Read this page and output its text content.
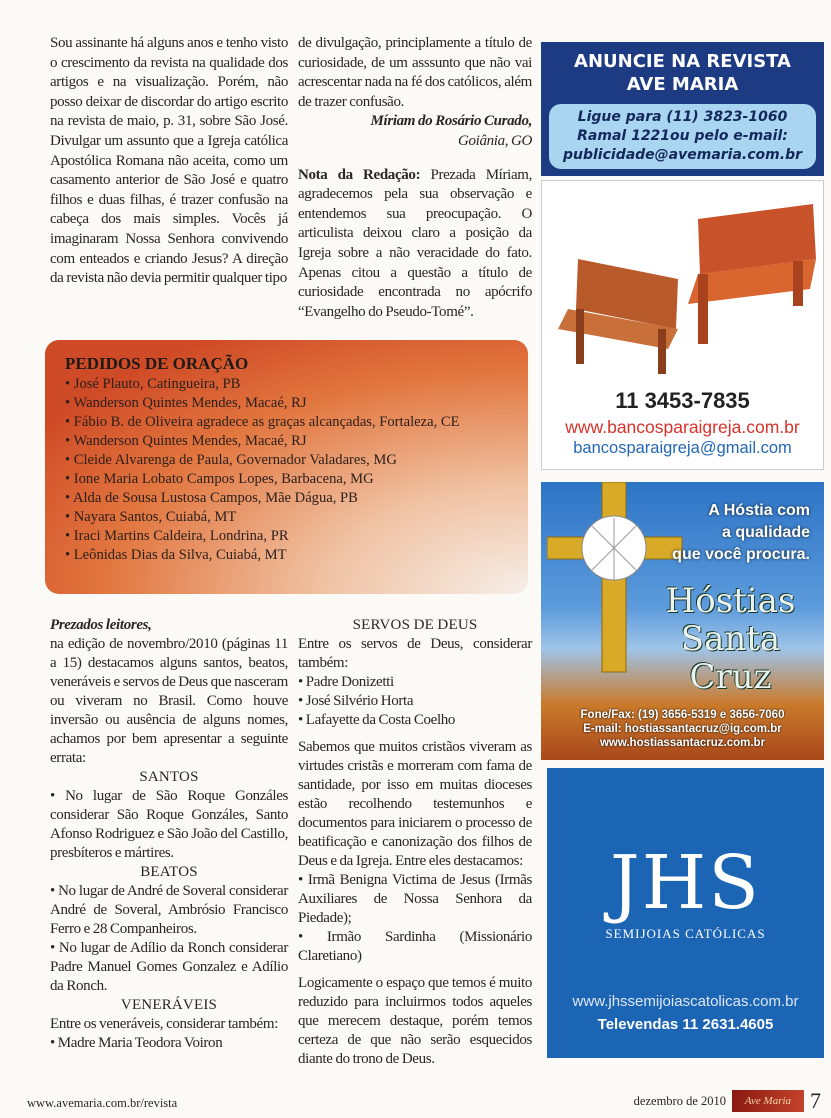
Sou assinante há alguns anos e tenho visto o crescimento da revista na qualidade dos artigos e na visualização. Porém, não posso deixar de discordar do artigo escrito na revista de maio, p. 31, sobre São José. Divulgar um assunto que a Igreja católica Apostólica Romana não aceita, como um casamento anterior de São José e quatro filhos e duas filhas, é trazer confusão na cabeça dos mais simples. Vocês já imaginaram Nossa Senhora convivendo com enteados e criando Jesus? A direção da revista não devia permitir qualquer tipo

de divulgação, principlamente a título de curiosidade, de um asssunto que não vai acrescentar nada na fé dos católicos, além de trazer confusão.

Míriam do Rosário Curado,

Goiânia, GO

Nota da Redação: Prezada Míriam, agradecemos pela sua observação e entendemos sua preocupação. O articulista deixou claro a posição da Igreja sobre a não veracidade do fato. Apenas citou a questão a título de curiosidade encontrada no apócrifo “Evangelho do Pseudo-Tomé”.

PEDIDOS DE ORAÇÃO
• José Plauto, Catingueira, PB
• Wanderson Quintes Mendes, Macaé, RJ
• Fábio B. de Oliveira agradece as graças alcançadas, Fortaleza, CE
• Wanderson Quintes Mendes, Macaé, RJ
• Cleide Alvarenga de Paula, Governador Valadares, MG
• Ione Maria Lobato Campos Lopes, Barbacena, MG
• Alda de Sousa Lustosa Campos, Mãe Dágua, PB
• Nayara Santos, Cuiabá, MT
• Iraci Martins Caldeira, Londrina, PR
• Leônidas Dias da Silva, Cuiabá, MT

Prezados leitores,

na edição de novembro/2010 (páginas 11 a 15) destacamos alguns santos, beatos, veneráveis e servos de Deus que nasceram ou viveram no Brasil. Como houve inversão ou ausência de alguns nomes, achamos por bem apresentar a seguinte errata:

SANTOS

• No lugar de São Roque Gonzáles considerar São Roque Gonzáles, Santo Afonso Rodriguez e São João del Castillo, presbíteros e mártires.

BEATOS

• No lugar de André de Soveral considerar André de Soveral, Ambrósio Francisco Ferro e 28 Companheiros.

• No lugar de Adílio da Ronch considerar Padre Manuel Gomes Gonzalez e Adílio da Ronch.

VENERÁVEIS

Entre os veneráveis, considerar também:

• Madre Maria Teodora Voiron

SERVOS DE DEUS

Entre os servos de Deus, considerar também:

• Padre Donizetti

• José Silvério Horta

• Lafayette da Costa Coelho

Sabemos que muitos cristãos viveram as virtudes cristãs e morreram com fama de santidade, por isso em muitas dioceses estão recolhendo testemunhos e documentos para iniciarem o processo de beatificação e canonização dos filhos de Deus e da Igreja. Entre eles destacamos:

• Irmã Benigna Victima de Jesus (Irmãs Auxiliares de Nossa Senhora da Piedade);

• Irmão Sardinha (Missionário Claretiano)

Logicamente o espaço que temos é muito reduzido para incluirmos todos aqueles que merecem destaque, porém temos certeza de que não serão esquecidos diante do trono de Deus.

ANUNCIE NA REVISTA
AVE MARIA
Ligue para (11) 3823-1060
Ramal 1221ou pelo e-mail:
publicidade@avemaria.com.br
11 3453-7835
www.bancosparaigreja.com.br
bancosparaigreja@gmail.com
A Hóstia com
a qualidade
que você procura.
Hóstias
Santa Cruz
Fone/Fax: (19) 3656-5319 e 3656-7060
E-mail: hostiassantacruz@ig.com.br
www.hostiassantacruz.com.br
JHS
SEMIJOIAS CATÓLICAS
www.jhssemijoiascatolicas.com.br
Televendas 11 2631.4605
www.avemaria.com.br/revista	dezembro de 2010	Ave Maria 7
